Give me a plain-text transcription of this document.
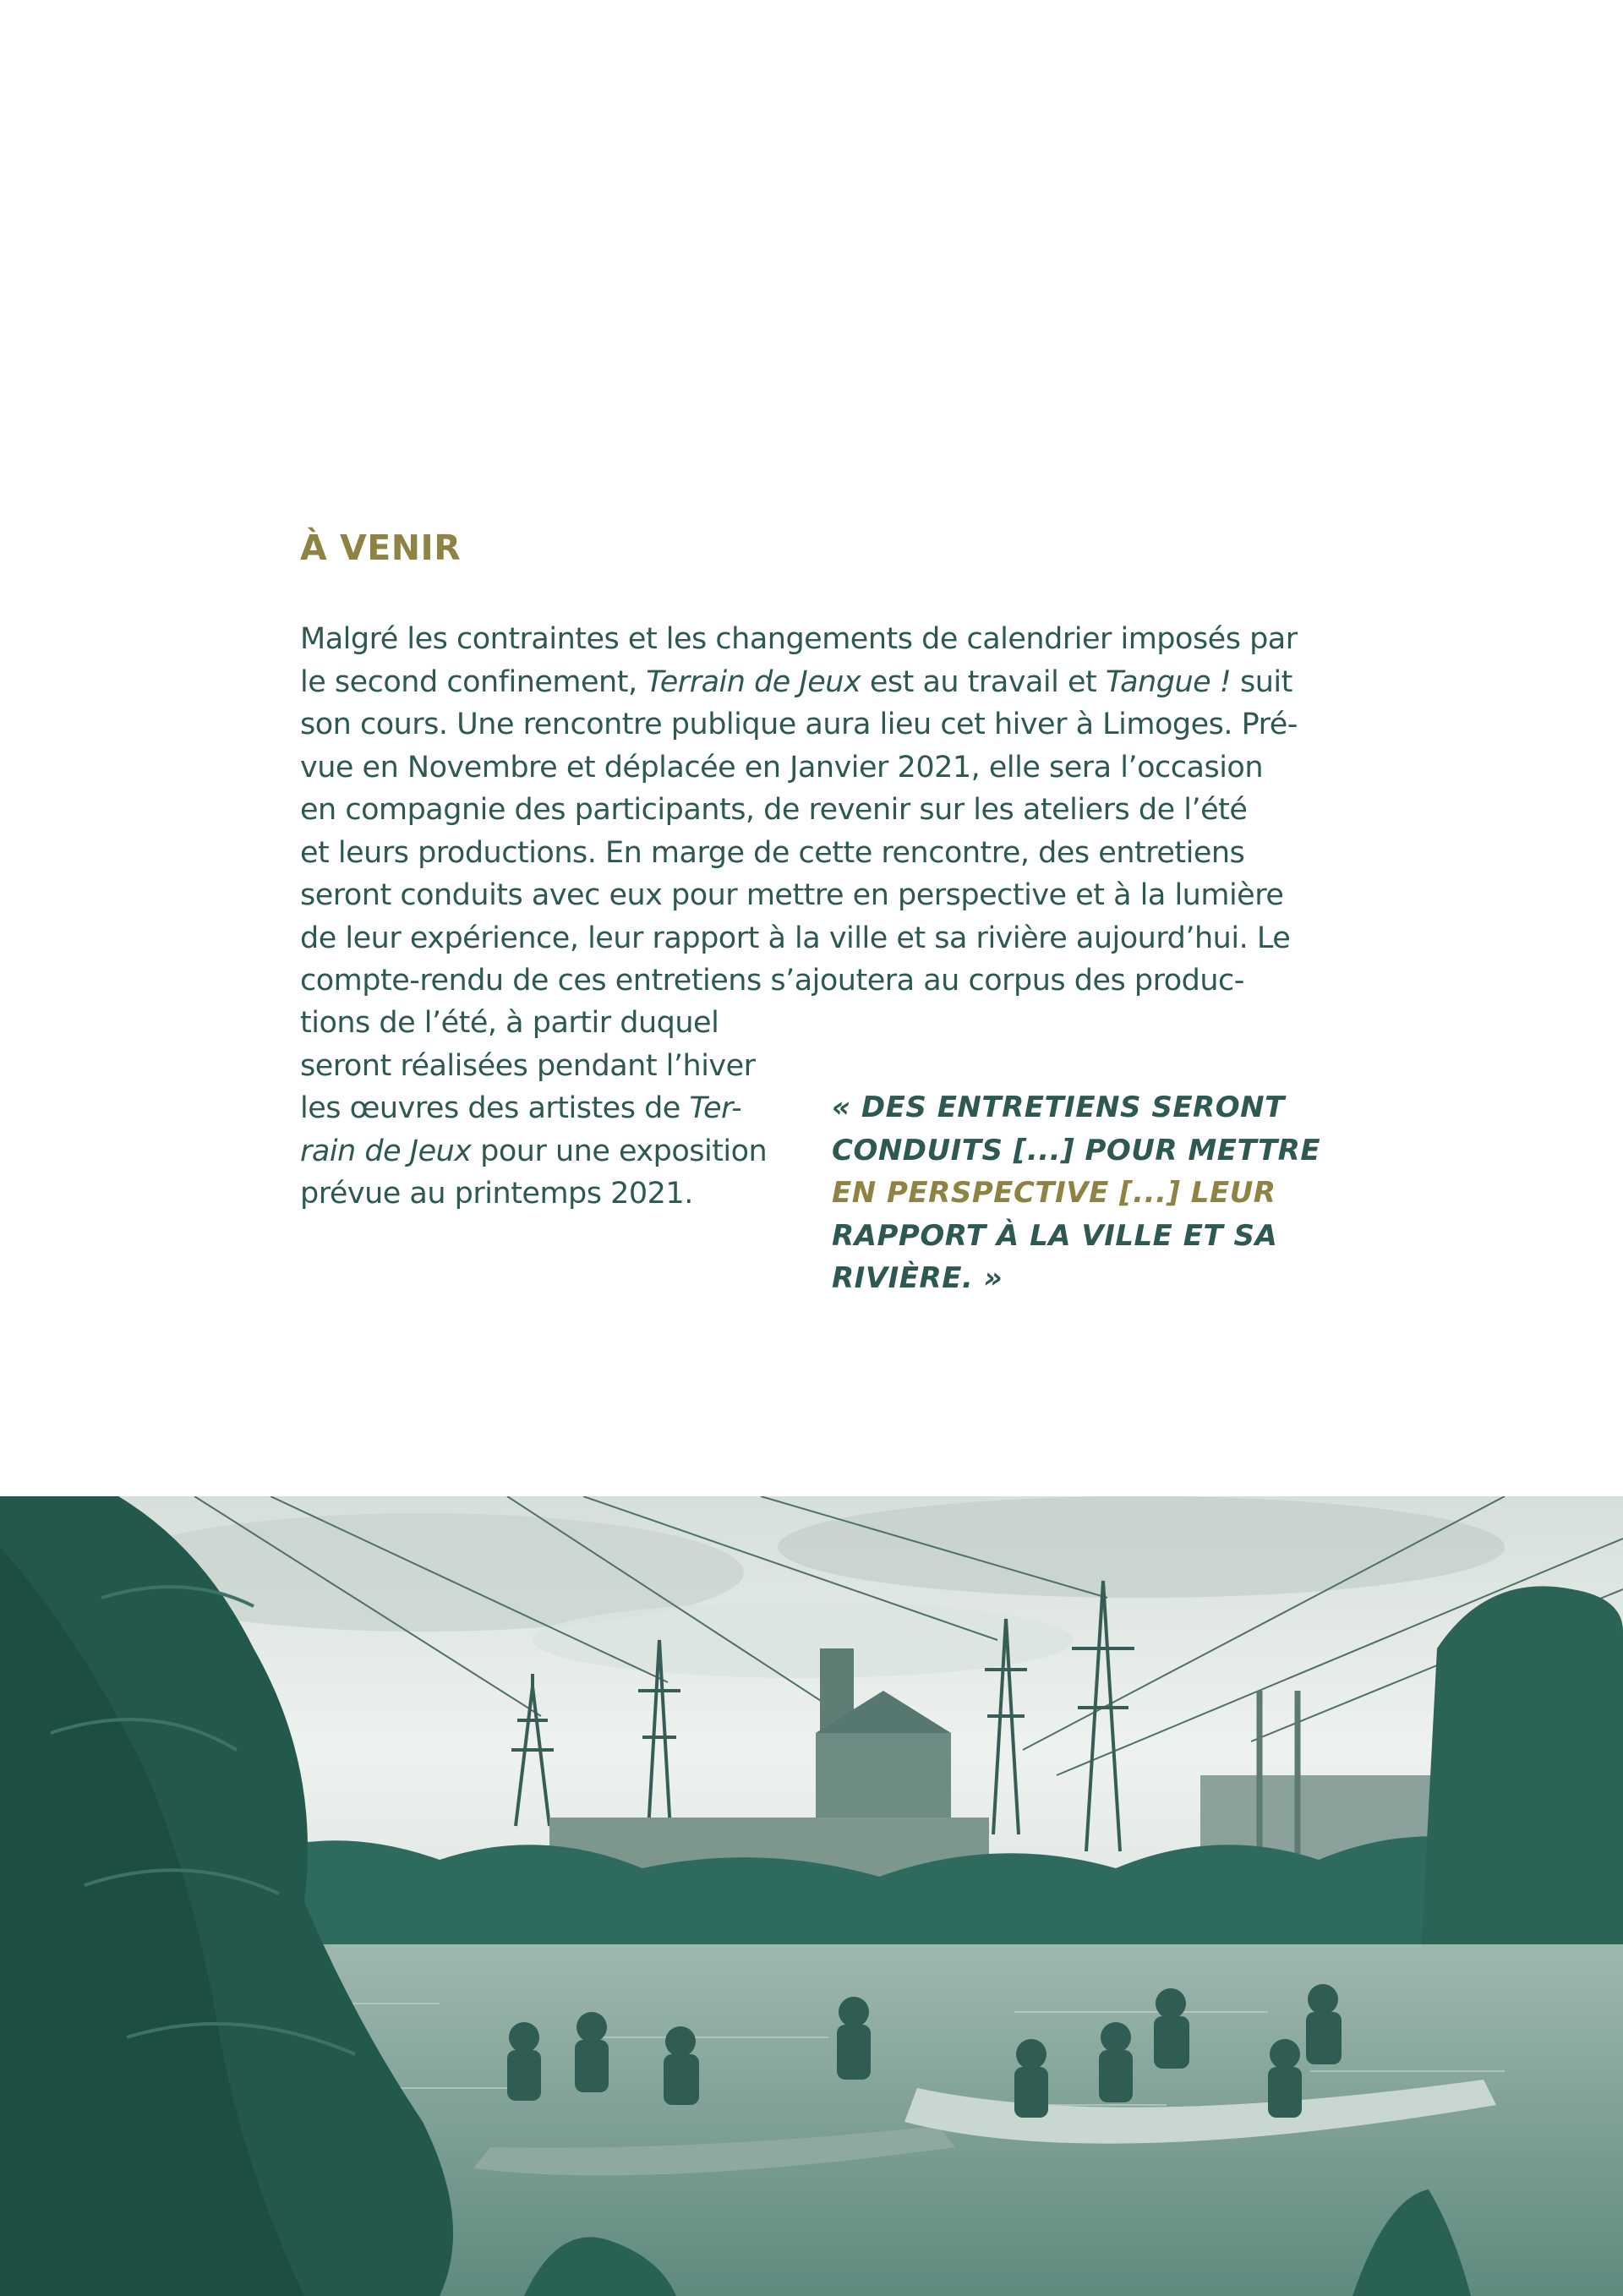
À VENIR

Malgré les contraintes et les changements de calendrier imposés par

le second confinement, Terrain de Jeux est au travail et Tangue ! suit

son cours. Une rencontre publique aura lieu cet hiver à Limoges. Pré-

vue en Novembre et déplacée en Janvier 2021, elle sera l’occasion

en compagnie des participants, de revenir sur les ateliers de l’été

et leurs productions. En marge de cette rencontre, des entretiens

seront conduits avec eux pour mettre en perspective et à la lumière

de leur expérience, leur rapport à la ville et sa rivière aujourd’hui. Le

compte-rendu de ces entretiens s’ajoutera au corpus des produc-

tions de l’été, à partir duquel

seront réalisées pendant l’hiver

les œuvres des artistes de Ter-

rain de Jeux pour une exposition

prévue au printemps 2021.

« DES ENTRETIENS SERONT
CONDUITS [...] POUR METTRE
EN PERSPECTIVE [...] LEUR
RAPPORT À LA VILLE ET SA
RIVIÈRE. »
